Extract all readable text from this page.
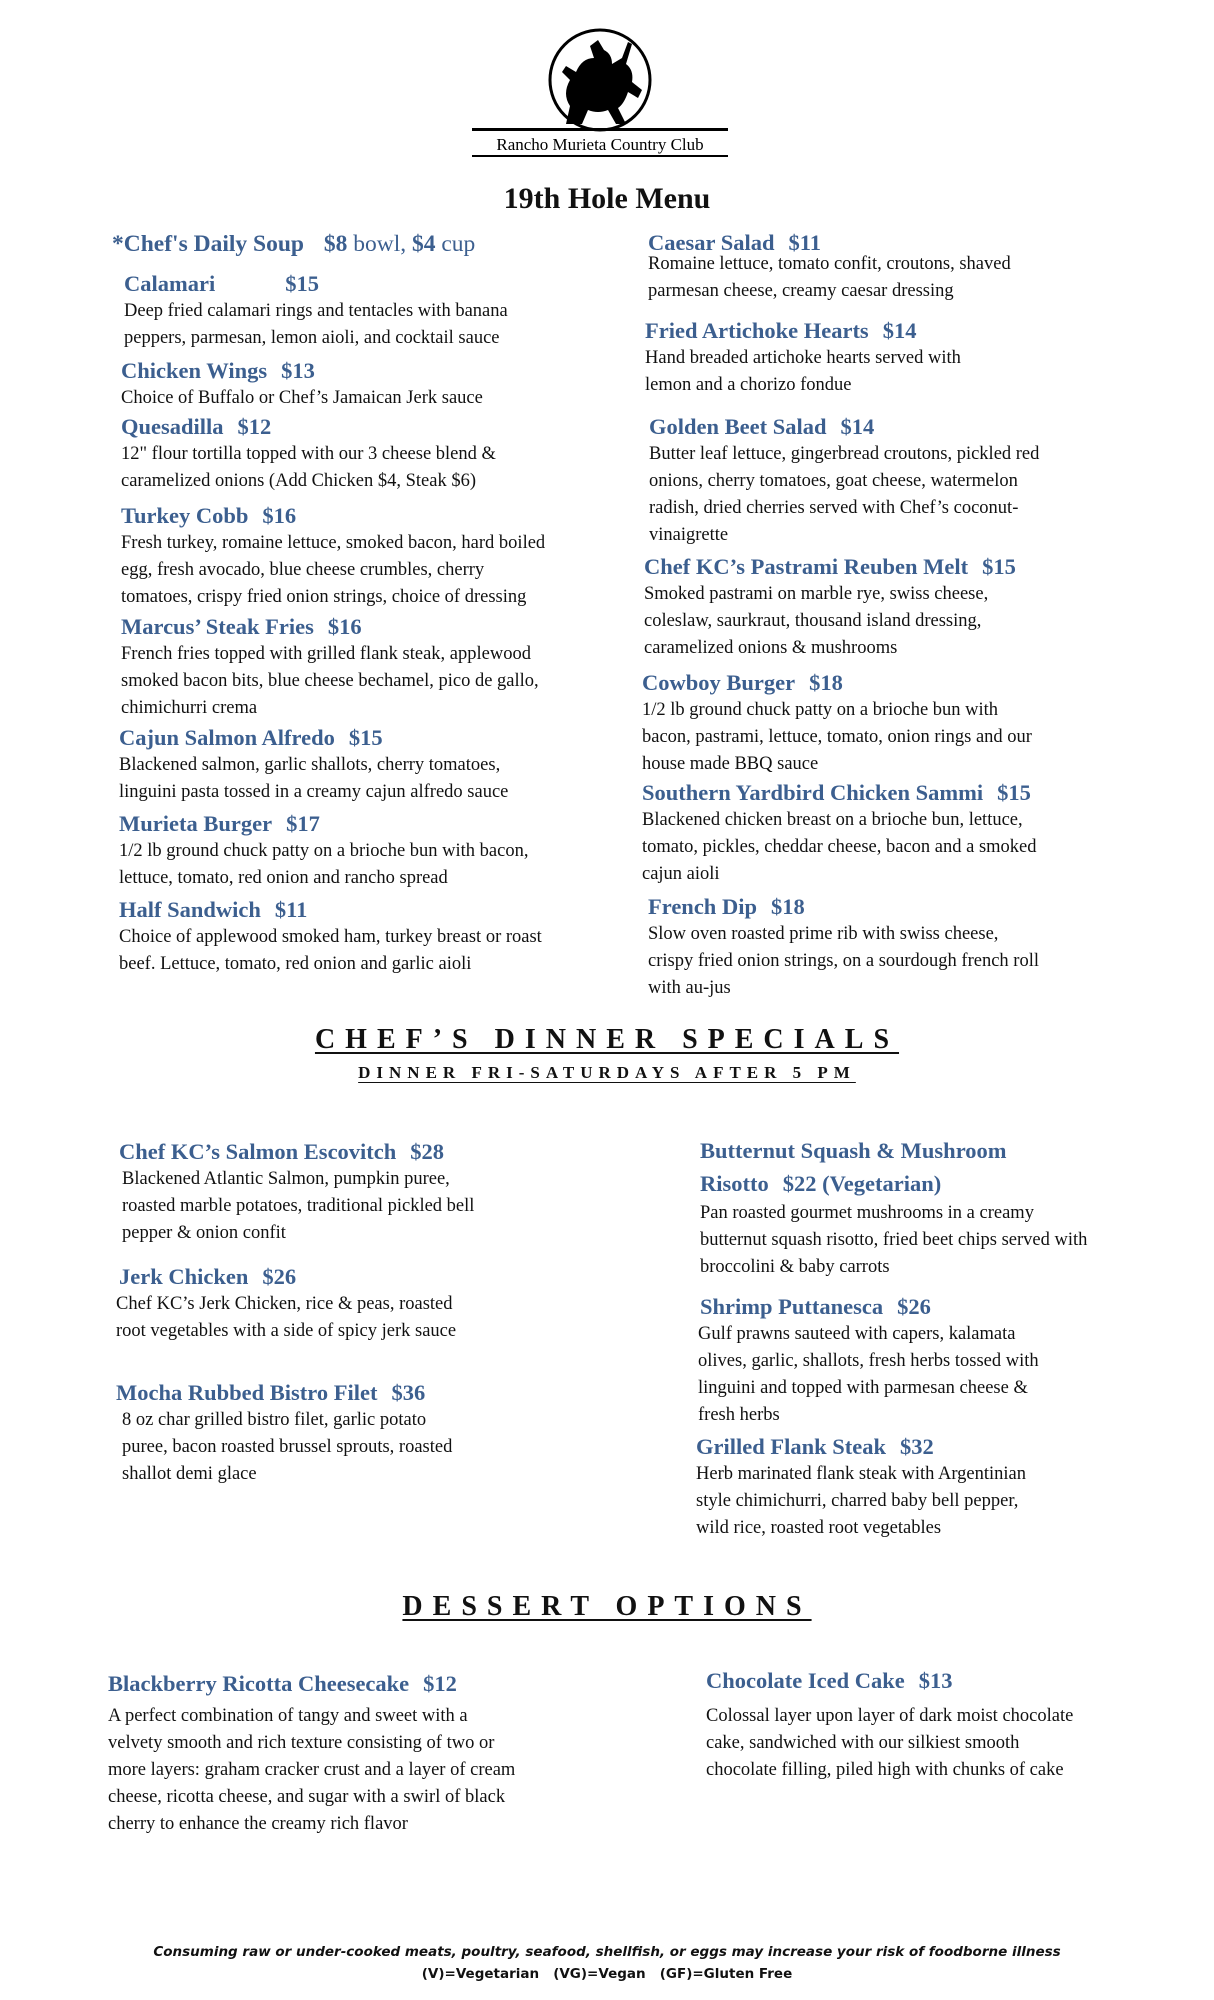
Rancho Murieta Country Club
19th Hole Menu
*Chef's Daily Soup $8 bowl, $4 cup
Calamari	$15
Deep fried calamari rings and tentacles with banana
peppers, parmesan, lemon aioli, and cocktail sauce
Chicken Wings $13
Choice of Buffalo or Chef’s Jamaican Jerk sauce
Quesadilla $12
12" flour tortilla topped with our 3 cheese blend &
caramelized onions (Add Chicken $4, Steak $6)
Turkey Cobb $16
Fresh turkey, romaine lettuce, smoked bacon, hard boiled
egg, fresh avocado, blue cheese crumbles, cherry
tomatoes, crispy fried onion strings, choice of dressing
Marcus’ Steak Fries $16
French fries topped with grilled flank steak, applewood
smoked bacon bits, blue cheese bechamel, pico de gallo,
chimichurri crema
Cajun Salmon Alfredo $15
Blackened salmon, garlic shallots, cherry tomatoes,
linguini pasta tossed in a creamy cajun alfredo sauce
Murieta Burger $17
1/2 lb ground chuck patty on a brioche bun with bacon,
lettuce, tomato, red onion and rancho spread
Half Sandwich $11
Choice of applewood smoked ham, turkey breast or roast
beef. Lettuce, tomato, red onion and garlic aioli
Caesar Salad $11
Romaine lettuce, tomato confit, croutons, shaved
parmesan cheese, creamy caesar dressing
Fried Artichoke Hearts $14
Hand breaded artichoke hearts served with
lemon and a chorizo fondue
Golden Beet Salad $14
Butter leaf lettuce, gingerbread croutons, pickled red
onions, cherry tomatoes, goat cheese, watermelon
radish, dried cherries served with Chef’s coconut-
vinaigrette
Chef KC’s Pastrami Reuben Melt $15
Smoked pastrami on marble rye, swiss cheese,
coleslaw, saurkraut, thousand island dressing,
caramelized onions & mushrooms
Cowboy Burger $18
1/2 lb ground chuck patty on a brioche bun with
bacon, pastrami, lettuce, tomato, onion rings and our
house made BBQ sauce
Southern Yardbird Chicken Sammi $15
Blackened chicken breast on a brioche bun, lettuce,
tomato, pickles, cheddar cheese, bacon and a smoked
cajun aioli
French Dip $18
Slow oven roasted prime rib with swiss cheese,
crispy fried onion strings, on a sourdough french roll
with au-jus
CHEF’S DINNER SPECIALS
DINNER FRI-SATURDAYS AFTER 5 PM
Chef KC’s Salmon Escovitch $28
Blackened Atlantic Salmon, pumpkin puree,
roasted marble potatoes, traditional pickled bell
pepper & onion confit
Jerk Chicken $26
Chef KC’s Jerk Chicken, rice & peas, roasted
root vegetables with a side of spicy jerk sauce
Mocha Rubbed Bistro Filet $36
8 oz char grilled bistro filet, garlic potato
puree, bacon roasted brussel sprouts, roasted
shallot demi glace
Butternut Squash & Mushroom
Risotto $22 (Vegetarian)
Pan roasted gourmet mushrooms in a creamy
butternut squash risotto, fried beet chips served with
broccolini & baby carrots
Shrimp Puttanesca $26
Gulf prawns sauteed with capers, kalamata
olives, garlic, shallots, fresh herbs tossed with
linguini and topped with parmesan cheese &
fresh herbs
Grilled Flank Steak $32
Herb marinated flank steak with Argentinian
style chimichurri, charred baby bell pepper,
wild rice, roasted root vegetables
DESSERT OPTIONS
Blackberry Ricotta Cheesecake $12
A perfect combination of tangy and sweet with a
velvety smooth and rich texture consisting of two or
more layers: graham cracker crust and a layer of cream
cheese, ricotta cheese, and sugar with a swirl of black
cherry to enhance the creamy rich flavor
Chocolate Iced Cake $13
Colossal layer upon layer of dark moist chocolate
cake, sandwiched with our silkiest smooth
chocolate filling, piled high with chunks of cake
Consuming raw or under-cooked meats, poultry, seafood, shellfish, or eggs may increase your risk of foodborne illness
(V)=Vegetarian   (VG)=Vegan   (GF)=Gluten Free
